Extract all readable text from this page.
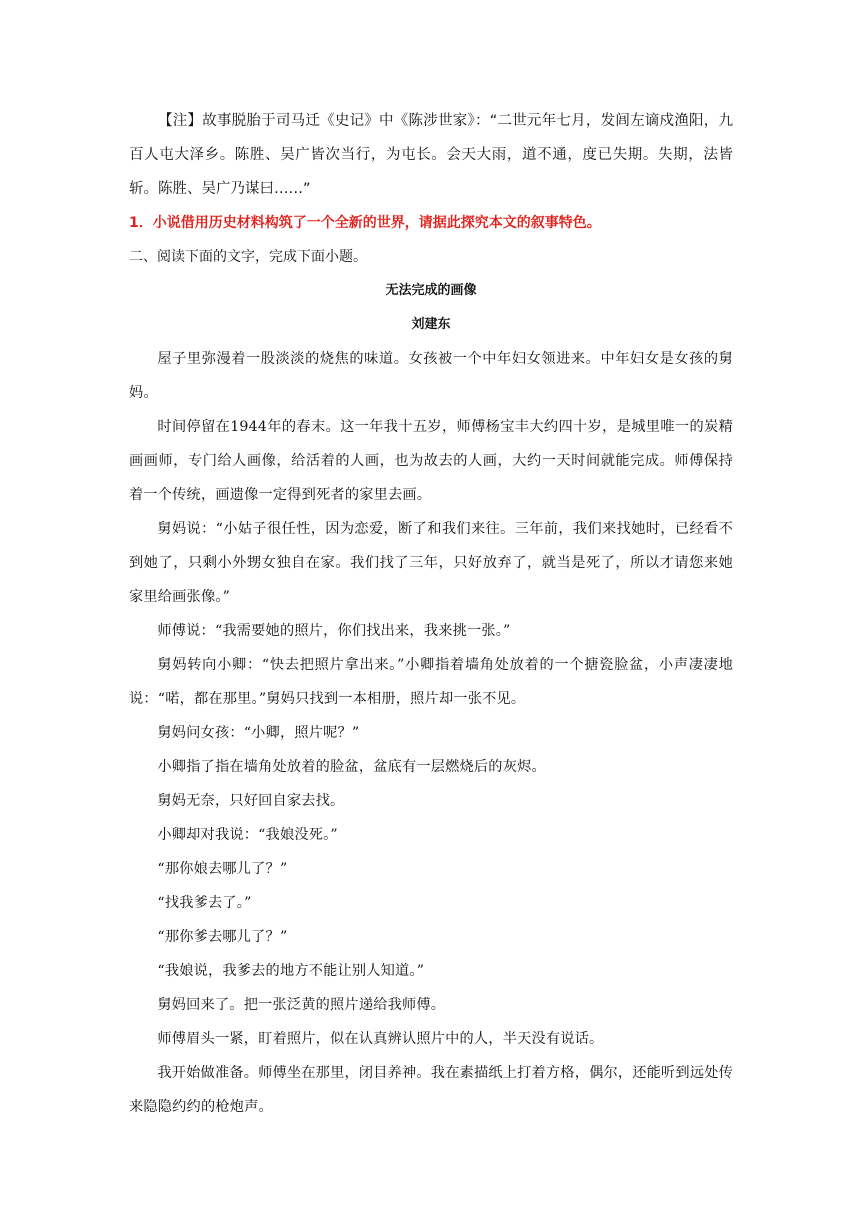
【注】故事脱胎于司马迁《史记》中《陈涉世家》：“二世元年七月，发闾左谪戍渔阳，九百人屯大泽乡。陈胜、吴广皆次当行，为屯长。会天大雨，道不通，度已失期。失期，法皆斩。陈胜、吴广乃谋曰……”

1．小说借用历史材料构筑了一个全新的世界，请据此探究本文的叙事特色。

二、阅读下面的文字，完成下面小题。

无法完成的画像

刘建东

屋子里弥漫着一股淡淡的烧焦的味道。女孩被一个中年妇女领进来。中年妇女是女孩的舅妈。

时间停留在1944年的春末。这一年我十五岁，师傅杨宝丰大约四十岁，是城里唯一的炭精画画师，专门给人画像，给活着的人画，也为故去的人画，大约一天时间就能完成。师傅保持着一个传统，画遗像一定得到死者的家里去画。

舅妈说：“小姑子很任性，因为恋爱，断了和我们来往。三年前，我们来找她时，已经看不到她了，只剩小外甥女独自在家。我们找了三年，只好放弃了，就当是死了，所以才请您来她家里给画张像。”

师傅说：“我需要她的照片，你们找出来，我来挑一张。”

舅妈转向小卿：“快去把照片拿出来。”小卿指着墙角处放着的一个搪瓷脸盆，小声凄凄地说：“喏，都在那里。”舅妈只找到一本相册，照片却一张不见。

舅妈问女孩：“小卿，照片呢？”

小卿指了指在墙角处放着的脸盆，盆底有一层燃烧后的灰烬。

舅妈无奈，只好回自家去找。

小卿却对我说：“我娘没死。”

“那你娘去哪儿了？”

“找我爹去了。”

“那你爹去哪儿了？”

“我娘说，我爹去的地方不能让别人知道。”

舅妈回来了。把一张泛黄的照片递给我师傅。

师傅眉头一紧，盯着照片，似在认真辨认照片中的人，半天没有说话。

我开始做准备。师傅坐在那里，闭目养神。我在素描纸上打着方格，偶尔，还能听到远处传来隐隐约约的枪炮声。
